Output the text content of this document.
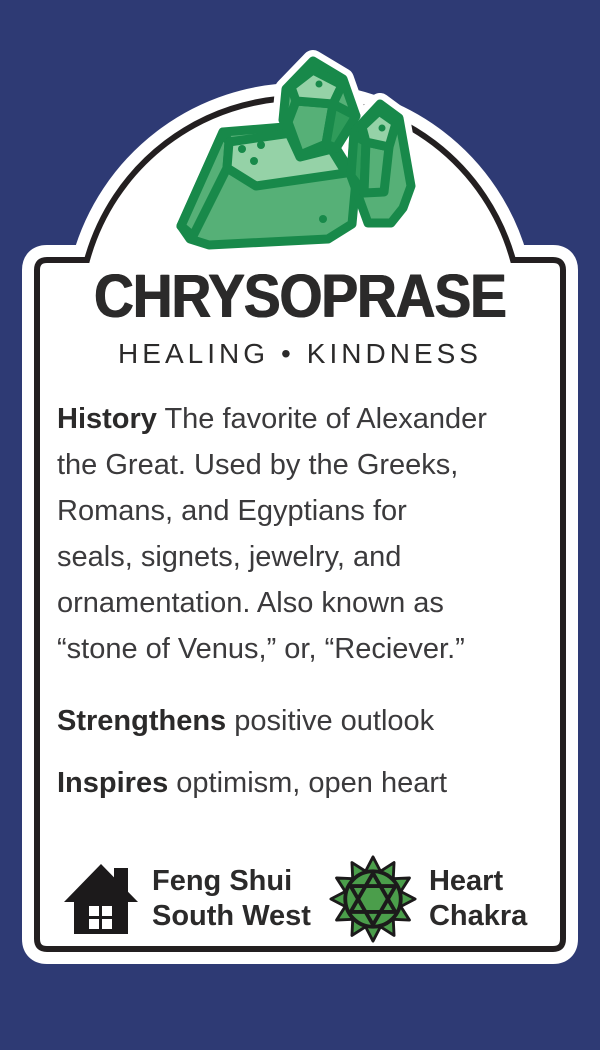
CHRYSOPRASE
HEALING • KINDNESS
History The favorite of Alexander
the Great. Used by the Greeks,
Romans, and Egyptians for
seals, signets, jewelry, and
ornamentation. Also known as
“stone of Venus,” or, “Reciever.”
Strengthens positive outlook
Inspires optimism, open heart
Feng Shui
South West
Heart
Chakra
